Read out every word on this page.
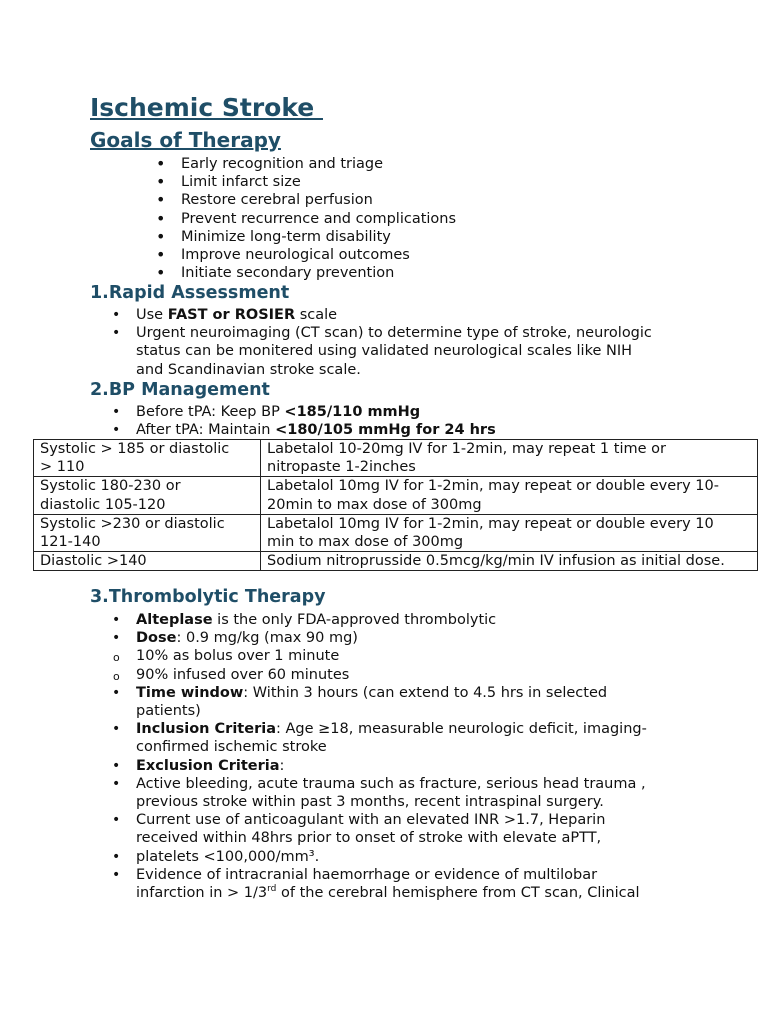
Ischemic Stroke
Goals of Therapy
• Early recognition and triage
• Limit infarct size
• Restore cerebral perfusion
• Prevent recurrence and complications
• Minimize long-term disability
• Improve neurological outcomes
• Initiate secondary prevention
1.Rapid Assessment
• Use FAST or ROSIER scale
• Urgent neuroimaging (CT scan) to determine type of stroke, neurologic
status can be monitered using validated neurological scales like NIH
and Scandinavian stroke scale.
2.BP Management
• Before tPA: Keep BP <185/110 mmHg
• After tPA: Maintain <180/105 mmHg for 24 hrs
Systolic > 185 or diastolic
> 110	Labetalol 10-20mg IV for 1-2min, may repeat 1 time or
nitropaste 1-2inches
Systolic 180-230 or
diastolic 105-120	Labetalol 10mg IV for 1-2min, may repeat or double every 10-
20min to max dose of 300mg
Systolic >230 or diastolic
121-140	Labetalol 10mg IV for 1-2min, may repeat or double every 10
min to max dose of 300mg
Diastolic >140	Sodium nitroprusside 0.5mcg/kg/min IV infusion as initial dose.
3.Thrombolytic Therapy
• Alteplase is the only FDA-approved thrombolytic
• Dose: 0.9 mg/kg (max 90 mg)
o 10% as bolus over 1 minute
o 90% infused over 60 minutes
• Time window: Within 3 hours (can extend to 4.5 hrs in selected
patients)
• Inclusion Criteria: Age ≥18, measurable neurologic deficit, imaging-
confirmed ischemic stroke
• Exclusion Criteria:
• Active bleeding, acute trauma such as fracture, serious head trauma ,
previous stroke within past 3 months, recent intraspinal surgery.
• Current use of anticoagulant with an elevated INR >1.7, Heparin
received within 48hrs prior to onset of stroke with elevate aPTT,
• platelets <100,000/mm³.
• Evidence of intracranial haemorrhage or evidence of multilobar
infarction in > 1/3rd of the cerebral hemisphere from CT scan, Clinical
